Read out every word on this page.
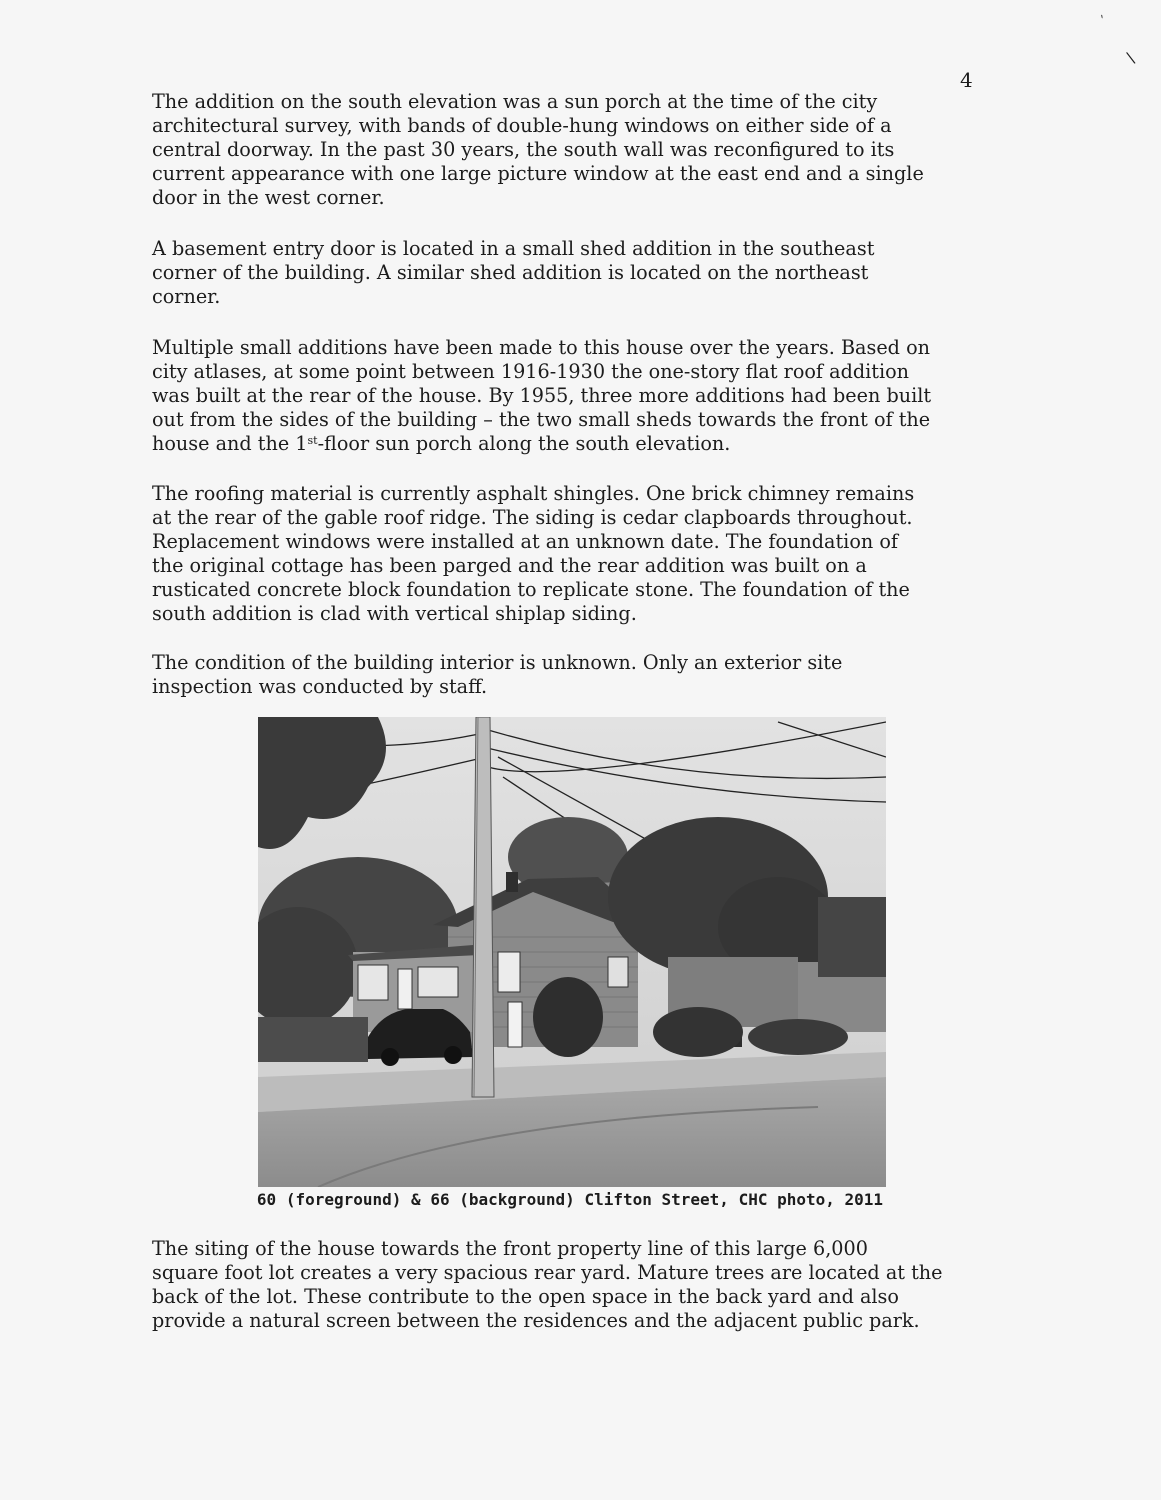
`
\
4

The addition on the south elevation was a sun porch at the time of the city
architectural survey, with bands of double-hung windows on either side of a
central doorway. In the past 30 years, the south wall was reconfigured to its
current appearance with one large picture window at the east end and a single
door in the west corner.

A basement entry door is located in a small shed addition in the southeast
corner of the building. A similar shed addition is located on the northeast
corner.

Multiple small additions have been made to this house over the years. Based on
city atlases, at some point between 1916-1930 the one-story flat roof addition
was built at the rear of the house. By 1955, three more additions had been built
out from the sides of the building – the two small sheds towards the front of the
house and the 1st-floor sun porch along the south elevation.

The roofing material is currently asphalt shingles. One brick chimney remains
at the rear of the gable roof ridge. The siding is cedar clapboards throughout.
Replacement windows were installed at an unknown date. The foundation of
the original cottage has been parged and the rear addition was built on a
rusticated concrete block foundation to replicate stone. The foundation of the
south addition is clad with vertical shiplap siding.

The condition of the building interior is unknown. Only an exterior site
inspection was conducted by staff.

60 (foreground) & 66 (background) Clifton Street, CHC photo, 2011

The siting of the house towards the front property line of this large 6,000
square foot lot creates a very spacious rear yard. Mature trees are located at the
back of the lot. These contribute to the open space in the back yard and also
provide a natural screen between the residences and the adjacent public park.
